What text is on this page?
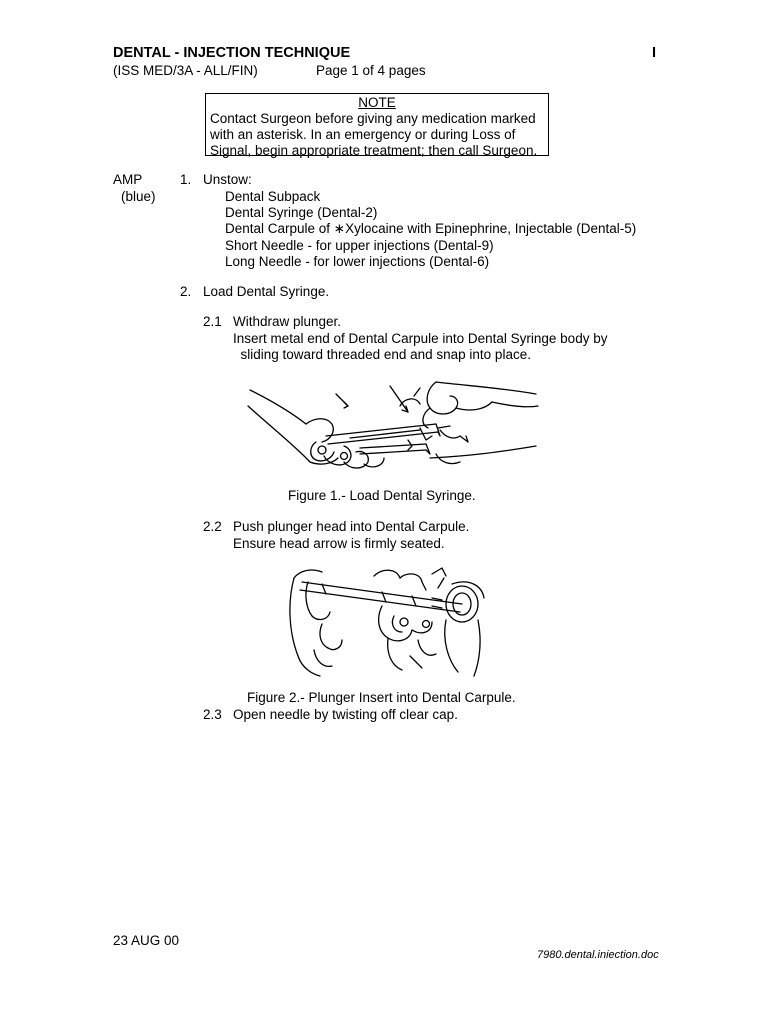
DENTAL - INJECTION TECHNIQUE	I
(ISS MED/3A - ALL/FIN)	Page 1 of 4 pages
NOTE
Contact Surgeon before giving any medication marked
with an asterisk. In an emergency or during Loss of
Signal, begin appropriate treatment; then call Surgeon.
AMP
(blue)
1. Unstow:
Dental Subpack
Dental Syringe (Dental-2)
Dental Carpule of ∗Xylocaine with Epinephrine, Injectable (Dental-5)
Short Needle - for upper injections (Dental-9)
Long Needle - for lower injections (Dental-6)
2. Load Dental Syringe.
2.1 Withdraw plunger.
Insert metal end of Dental Carpule into Dental Syringe body by
sliding toward threaded end and snap into place.
Figure 1.- Load Dental Syringe.
2.2 Push plunger head into Dental Carpule.
Ensure head arrow is firmly seated.
Figure 2.- Plunger Insert into Dental Carpule.
2.3 Open needle by twisting off clear cap.
23 AUG 00
7980.dental.iniection.doc
